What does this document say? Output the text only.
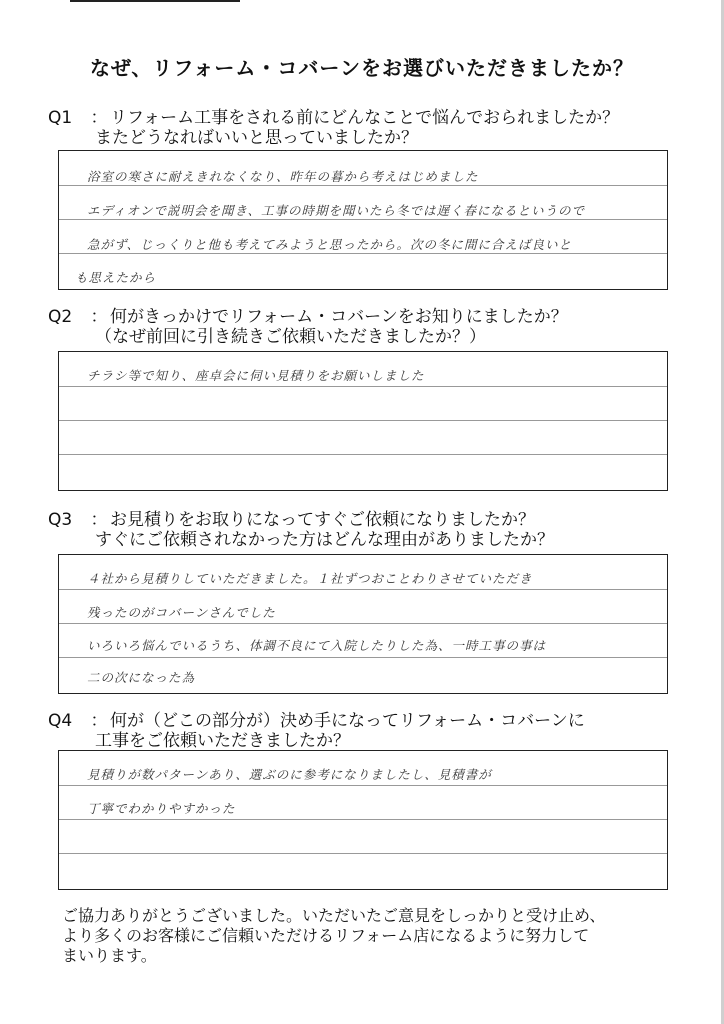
なぜ、リフォーム・コバーンをお選びいただきましたか？
Q1 ： リフォーム工事をされる前にどんなことで悩んでおられましたか？
またどうなればいいと思っていましたか？
浴室の寒さに耐えきれなくなり、昨年の暮から考えはじめました
エディオンで説明会を聞き、工事の時期を聞いたら冬では遅く春になるというので
急がず、じっくりと他も考えてみようと思ったから。次の冬に間に合えば良いと
も思えたから
Q2 ： 何がきっかけでリフォーム・コバーンをお知りにましたか？
（なぜ前回に引き続きご依頼いただきましたか？）
チラシ等で知り、座卓会に伺い見積りをお願いしました
Q3 ： お見積りをお取りになってすぐご依頼になりましたか？
すぐにご依頼されなかった方はどんな理由がありましたか？
４社から見積りしていただきました。１社ずつおことわりさせていただき
残ったのがコバーンさんでした
いろいろ悩んでいるうち、体調不良にて入院したりした為、一時工事の事は
二の次になった為
Q4 ： 何が（どこの部分が）決め手になってリフォーム・コバーンに
工事をご依頼いただきましたか？
見積りが数パターンあり、選ぶのに参考になりましたし、見積書が
丁寧でわかりやすかった
ご協力ありがとうございました。いただいたご意見をしっかりと受け止め、
より多くのお客様にご信頼いただけるリフォーム店になるように努力して
まいります。
